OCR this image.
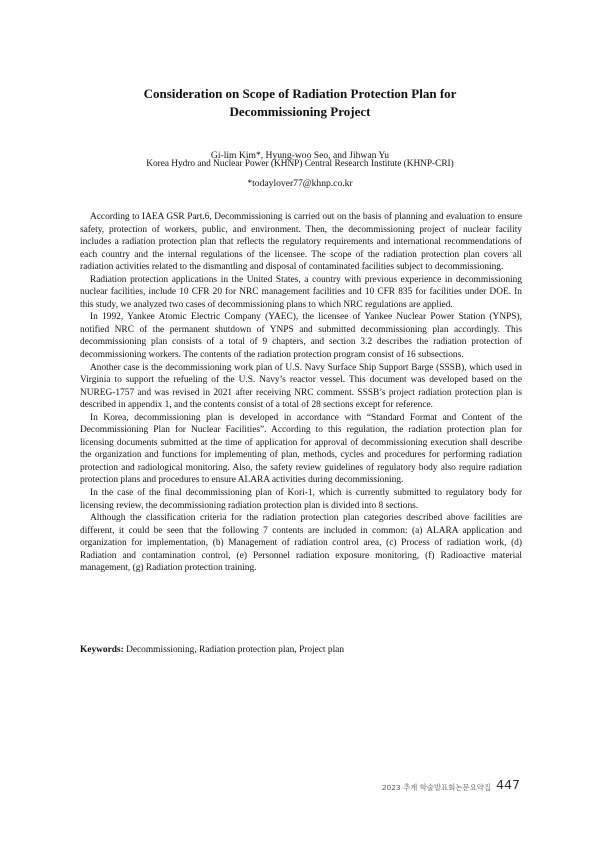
Consideration on Scope of Radiation Protection Plan for
Decommissioning Project
Gi-lim Kim*, Hyung-woo Seo, and Jihwan Yu
Korea Hydro and Nuclear Power (KHNP) Central Research Institute (KHNP-CRI)
*todaylover77@khnp.co.kr

According to IAEA GSR Part.6, Decommissioning is carried out on the basis of planning and evaluation to ensure safety, protection of workers, public, and environment. Then, the decommissioning project of nuclear facility includes a radiation protection plan that reflects the regulatory requirements and international recommendations of each country and the internal regulations of the licensee. The scope of the radiation protection plan covers all radiation activities related to the dismantling and disposal of contaminated facilities subject to decommissioning.

Radiation protection applications in the United States, a country with previous experience in decommissioning nuclear facilities, include 10 CFR 20 for NRC management facilities and 10 CFR 835 for facilities under DOE. In this study, we analyzed two cases of decommissioning plans to which NRC regulations are applied.

In 1992, Yankee Atomic Electric Company (YAEC), the licensee of Yankee Nuclear Power Station (YNPS), notified NRC of the permanent shutdown of YNPS and submitted decommissioning plan accordingly. This decommissioning plan consists of a total of 9 chapters, and section 3.2 describes the radiation protection of decommissioning workers. The contents of the radiation protection program consist of 16 subsections.

Another case is the decommissioning work plan of U.S. Navy Surface Ship Support Barge (SSSB), which used in Virginia to support the refueling of the U.S. Navy’s reactor vessel. This document was developed based on the NUREG-1757 and was revised in 2021 after receiving NRC comment. SSSB’s project radiation protection plan is described in appendix 1, and the contents consist of a total of 28 sections except for reference.

In Korea, decommissioning plan is developed in accordance with “Standard Format and Content of the Decommissioning Plan for Nuclear Facilities”. According to this regulation, the radiation protection plan for licensing documents submitted at the time of application for approval of decommissioning execution shall describe the organization and functions for implementing of plan, methods, cycles and procedures for performing radiation protection and radiological monitoring. Also, the safety review guidelines of regulatory body also require radiation protection plans and procedures to ensure ALARA activities during decommissioning.

In the case of the final decommissioning plan of Kori-1, which is currently submitted to regulatory body for licensing review, the decommissioning radiation protection plan is divided into 8 sections.

Although the classification criteria for the radiation protection plan categories described above facilities are different, it could be seen that the following 7 contents are included in common: (a) ALARA application and organization for implementation, (b) Management of radiation control area, (c) Process of radiation work, (d) Radiation and contamination control, (e) Personnel radiation exposure monitoring, (f) Radioactive material management, (g) Radiation protection training.

Keywords: Decommissioning, Radiation protection plan, Project plan
2023 추계 학술발표회논문요약집 447
